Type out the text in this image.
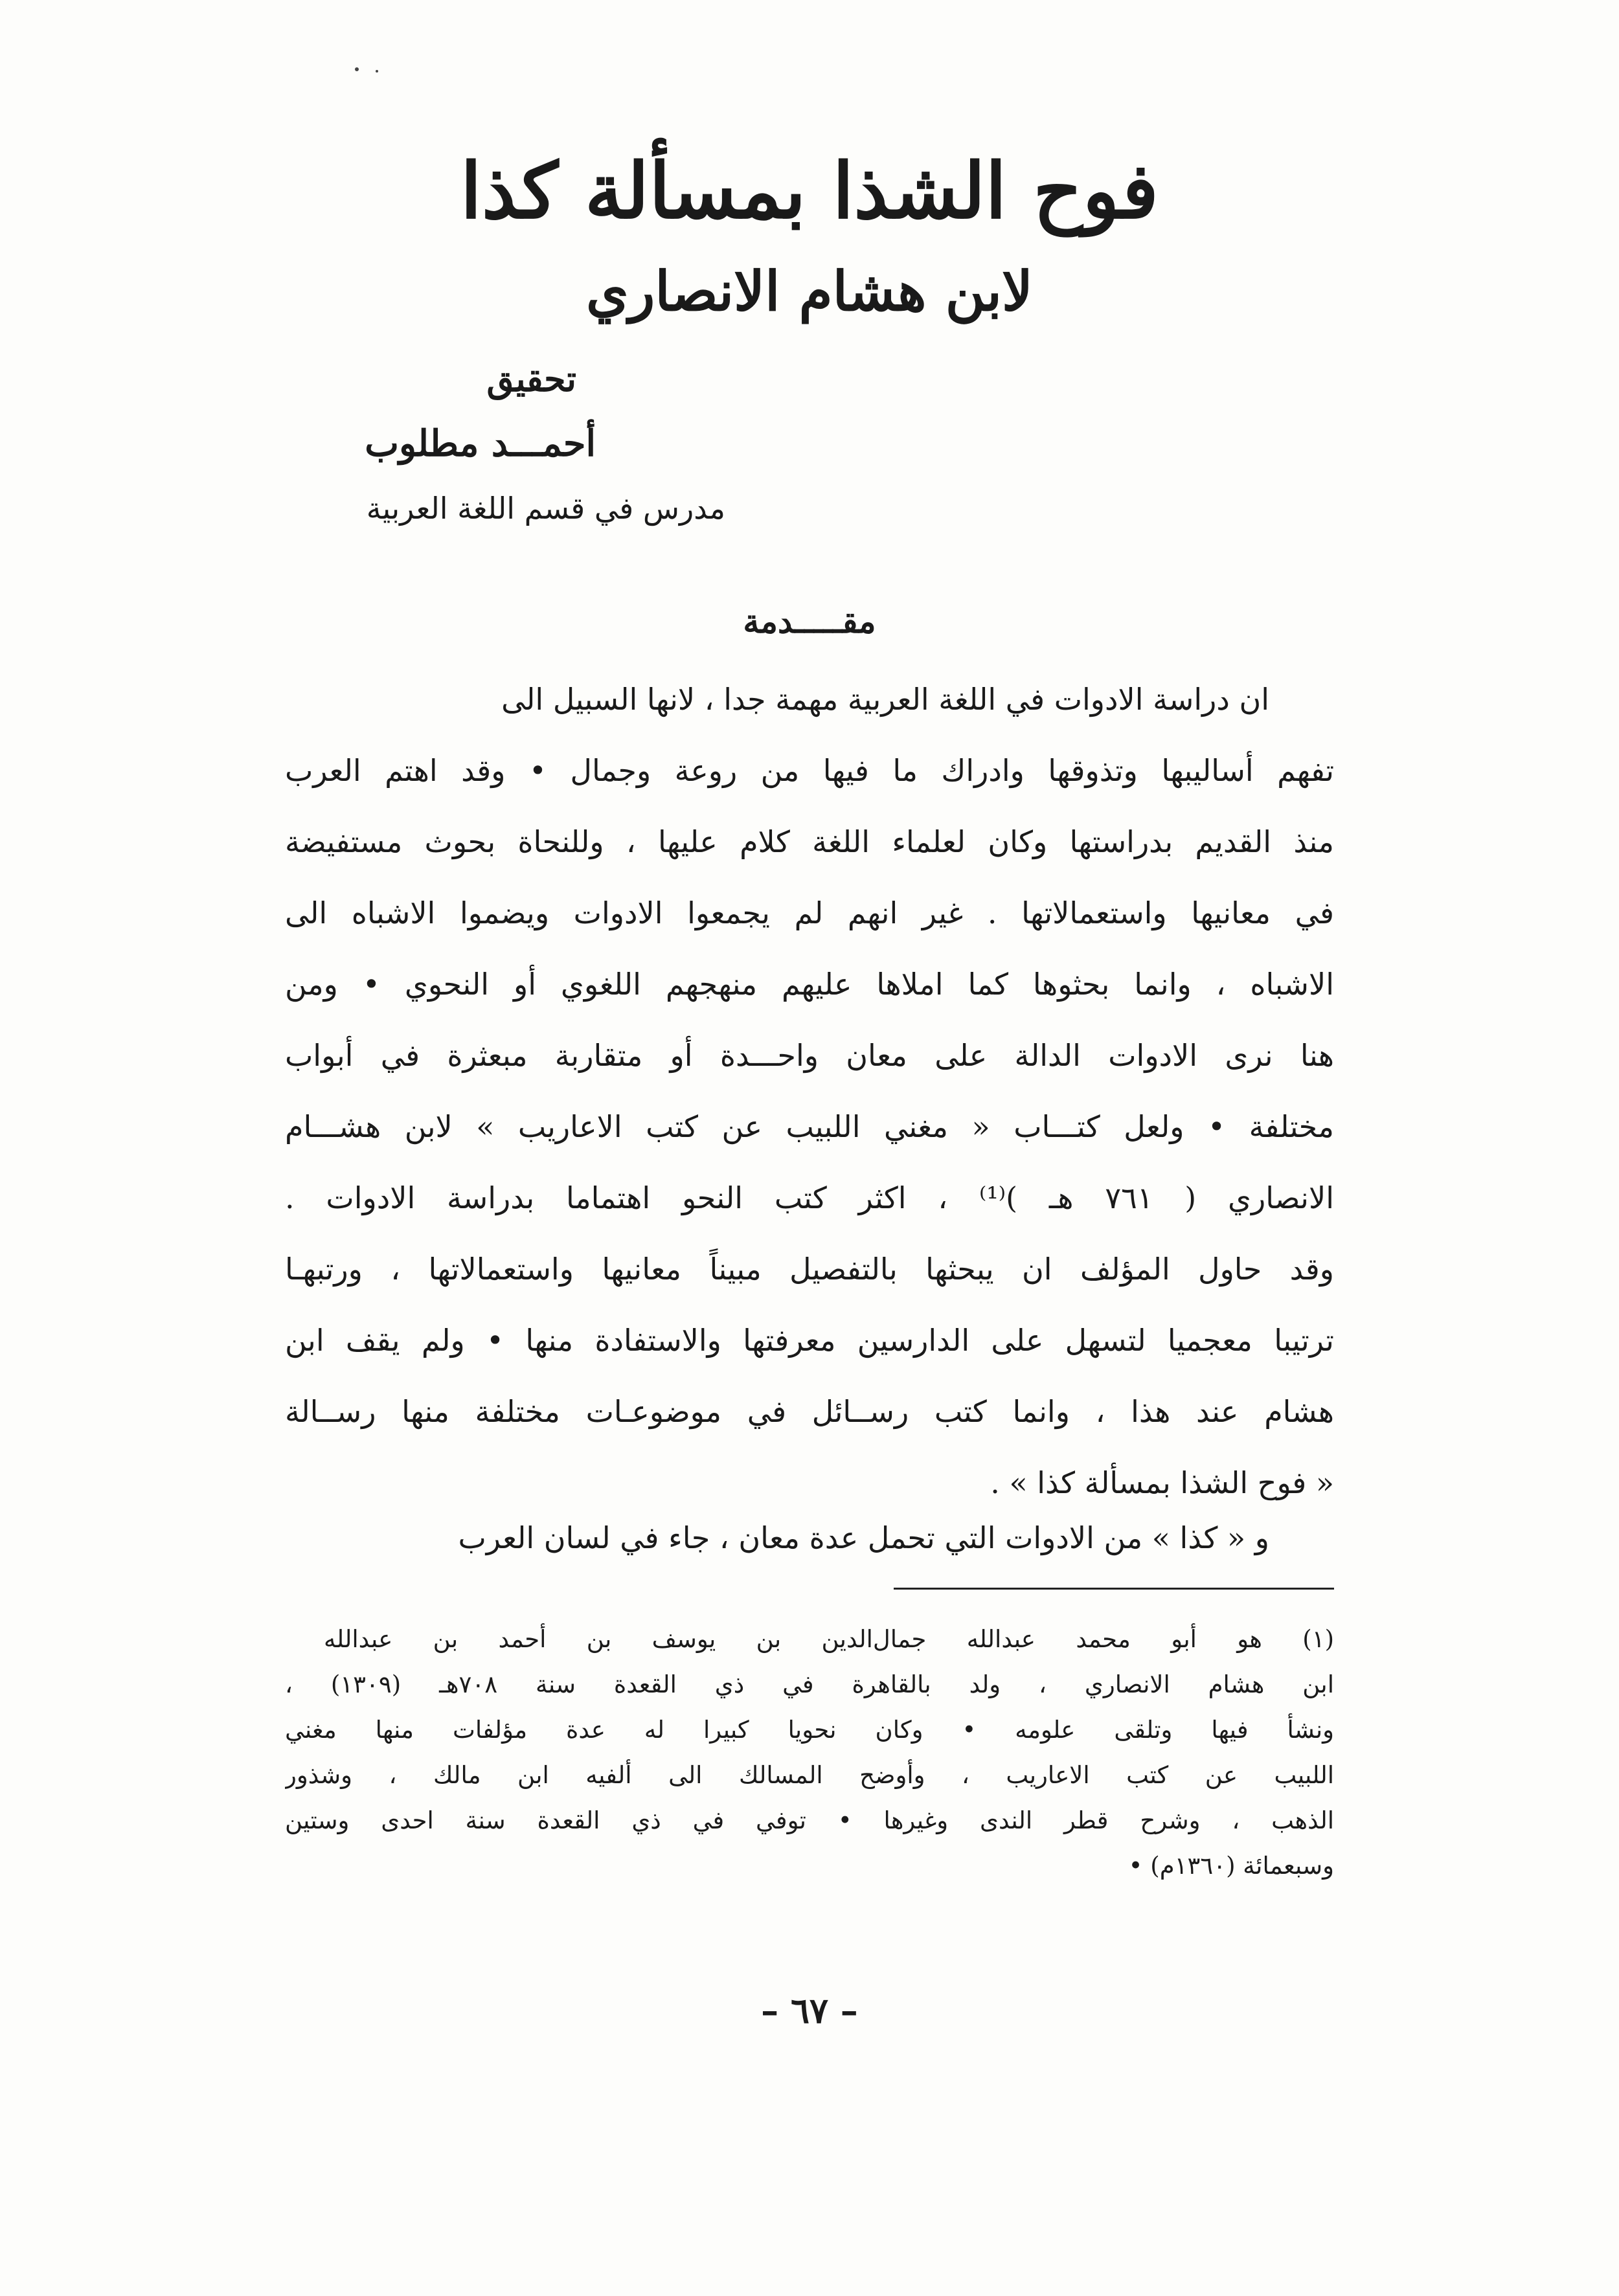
فوح الشذا بمسألة كذا
لابن هشام الانصاري
تحقيق
أحمـــد مطلوب
مدرس في قسم اللغة العربية
مقـــــدمة
ان دراسة الادوات في اللغة العربية مهمة جدا ، لانها السبيل الى
تفهم أساليبها وتذوقها وادراك ما فيها من روعة وجمال • وقد اهتم العرب
منذ القديم بدراستها وكان لعلماء اللغة كلام عليها ، وللنحاة بحوث مستفيضة
في معانيها واستعمالاتها . غير انهم لم يجمعوا الادوات ويضموا الاشباه الى
الاشباه ، وانما بحثوها كما املاها عليهم منهجهم اللغوي أو النحوي • ومن
هنا نرى الادوات الدالة على معان واحـــدة أو متقاربة مبعثرة في أبواب
مختلفة • ولعل كتـــاب « مغني اللبيب عن كتب الاعاريب » لابن هشـــام
الانصاري ( ٧٦١ هـ )⁽¹⁾ ، اكثر كتب النحو اهتماما بدراسة الادوات .
وقد حاول المؤلف ان يبحثها بالتفصيل مبيناً معانيها واستعمالاتها ، ورتبهـا
ترتيبا معجميا لتسهل على الدارسين معرفتها والاستفادة منها • ولم يقف ابن
هشام عند هذا ، وانما كتب رســائل في موضوعـات مختلفة منها رســالة
« فوح الشذا بمسألة كذا » .
و « كذا » من الادوات التي تحمل عدة معان ، جاء في لسان العرب
(١) هو أبو محمد عبدالله جمال‌الدين بن يوسف بن أحمد بن عبدالله
ابن هشام الانصاري ، ولد بالقاهرة في ذي القعدة سنة ٧٠٨هـ (١٣٠٩) ،
ونشأ فيها وتلقى علومه • وكان نحويا كبيرا له عدة مؤلفات منها مغني
اللبيب عن كتب الاعاريب ، وأوضح المسالك الى ألفيه ابن مالك ، وشذور
الذهب ، وشرح قطر الندى وغيرها • توفي في ذي القعدة سنة احدى وستين
وسبعمائة (١٣٦٠م) •
– ٦٧ –
